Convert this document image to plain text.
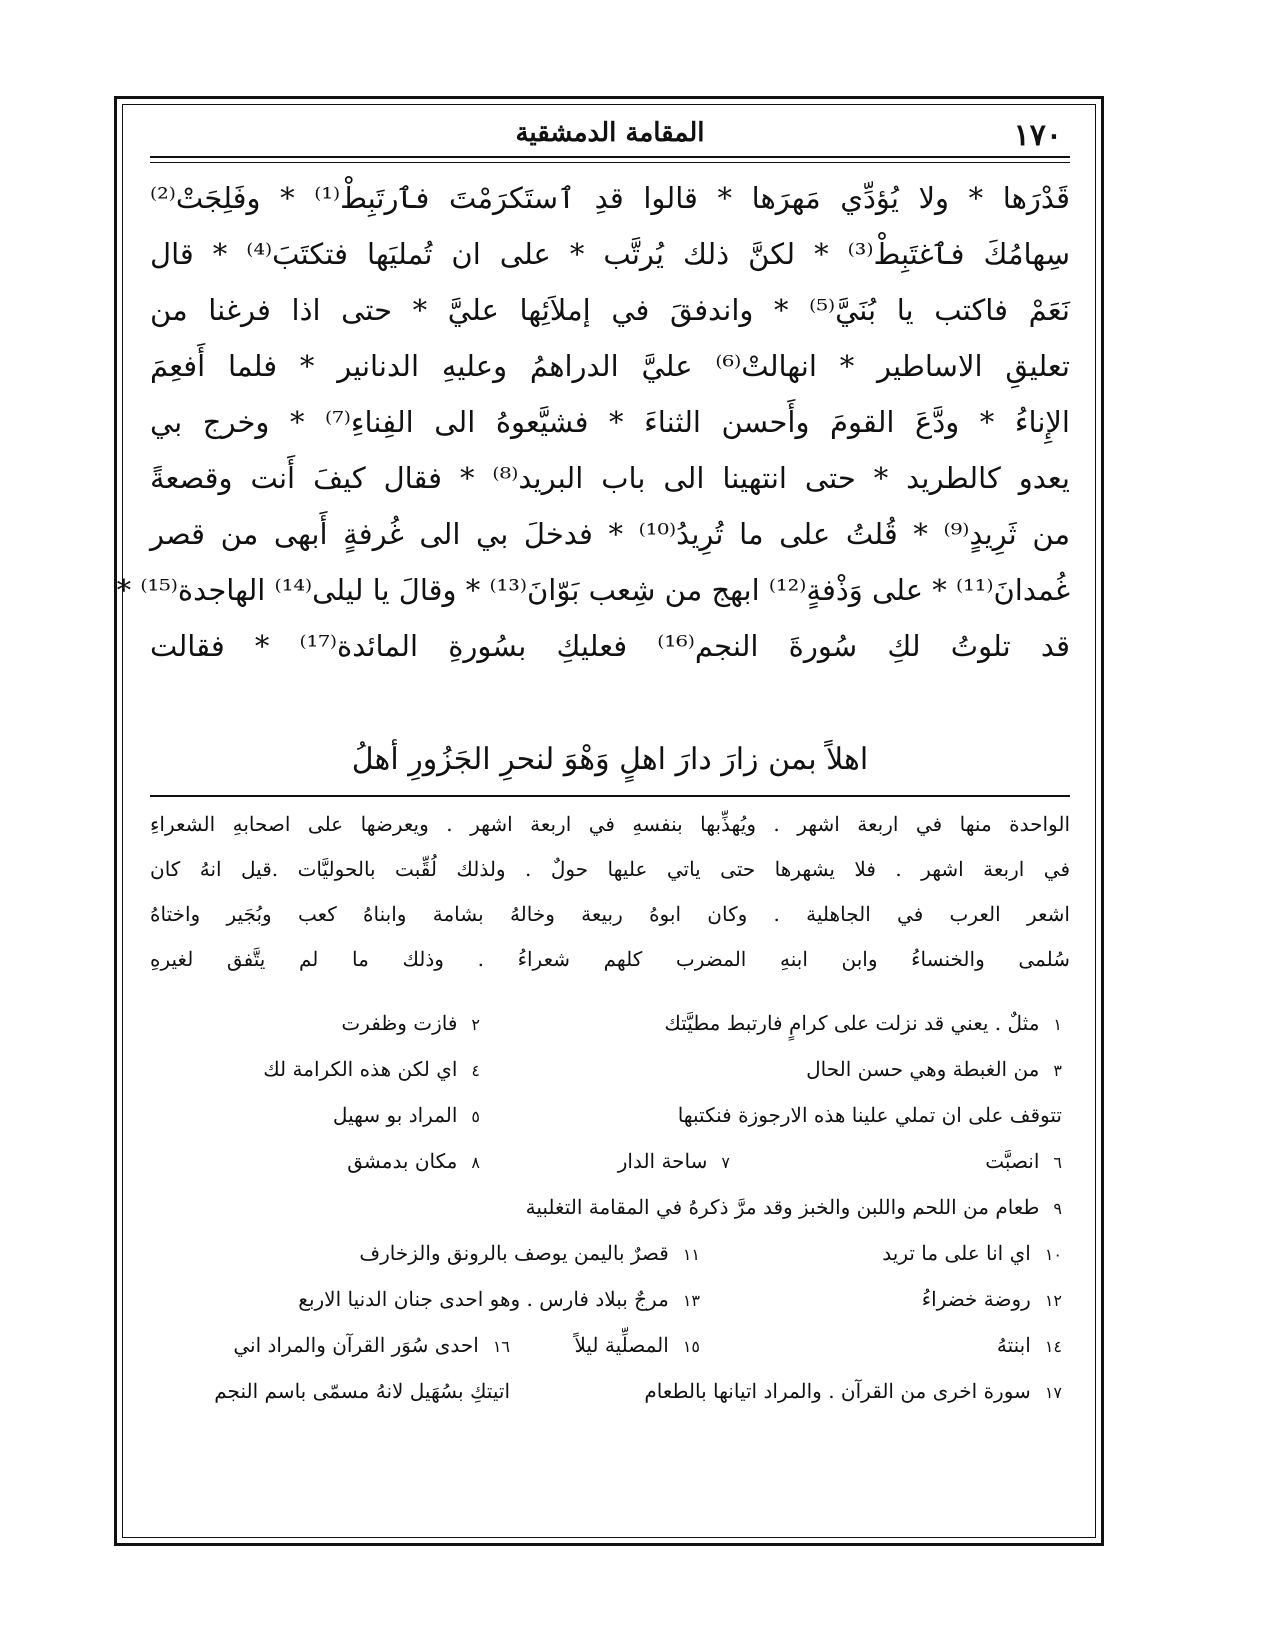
١٧٠
المقامة الدمشقية
قَدْرَها * ولا يُؤدِّي مَهرَها * قالوا قدِ ٱستَكرَمْتَ فٱرتَبِطْ⁽¹⁾ * وفَلِجَتْ⁽²⁾
سِهامُكَ فٱغتَبِطْ⁽³⁾ * لكنَّ ذلك يُرتَّب * على ان تُمليَها فتكتَبَ⁽⁴⁾ * قال
نَعَمْ فاكتب يا بُنَيَّ⁽⁵⁾ * واندفقَ في إملاَئِها عليَّ * حتى اذا فرغنا من
تعليقِ الاساطير * انهالتْ⁽⁶⁾ عليَّ الدراهمُ وعليهِ الدنانير * فلما أَفعِمَ
الإِناءُ * ودَّعَ القومَ وأَحسن الثناءَ * فشيَّعوهُ الى الفِناءِ⁽⁷⁾ * وخرج بي
يعدو كالطريد * حتى انتهينا الى باب البريد⁽⁸⁾ * فقال كيفَ أَنت وقصعةً
من ثَرِيدٍ⁽⁹⁾ * قُلتُ على ما تُرِيدُ⁽¹⁰⁾ * فدخلَ بي الى غُرفةٍ أَبهى من قصر
غُمدانَ⁽¹¹⁾ * على وَذْفةٍ⁽¹²⁾ ابهج من شِعب بَوّانَ⁽¹³⁾ * وقالَ يا ليلى⁽¹⁴⁾ الهاجدة⁽¹⁵⁾ *
قد تلوتُ لكِ سُورةَ النجم⁽¹⁶⁾ فعليكِ بسُورةِ المائدة⁽¹⁷⁾ * فقالت
اهلاً بمن زارَ دارَ اهلٍ وَهْوَ لنحرِ الجَزُورِ أهلُ
الواحدة منها في اربعة اشهر . ويُهذِّبها بنفسهِ في اربعة اشهر . ويعرضها على اصحابهِ الشعراءِ
في اربعة اشهر . فلا يشهرها حتى ياتي عليها حولٌ . ولذلك لُقِّبت بالحوليَّات .قيل انهُ كان
اشعر العرب في الجاهلية . وكان ابوهُ ربيعة وخالهُ بشامة وابناهُ كعب وبُجَير واختاهُ
سُلمى والخنساءُ وابن ابنهِ المضرب كلهم شعراءُ . وذلك ما لم يتَّفق لغيرهِ
١مثلٌ . يعني قد نزلت على كرامٍ فارتبط مطيَّتك
٢فازت وظفرت
٣من الغبطة وهي حسن الحال
٤اي لكن هذه الكرامة لك
تتوقف على ان تملي علينا هذه الارجوزة فنكتبها
٥المراد بو سهيل
٦انصبَّت
٧ساحة الدار
٨مكان بدمشق
٩طعام من اللحم واللبن والخبز وقد مرَّ ذكرهُ في المقامة التغلبية
١٠اي انا على ما تريد
١١قصرٌ باليمن يوصف بالرونق والزخارف
١٢روضة خضراءُ
١٣مرجٌ ببلاد فارس . وهو احدى جنان الدنيا الاربع
١٤ابنتهُ
١٥المصلِّية ليلاً
١٦احدى سُوَر القرآن والمراد اني
١٧سورة اخرى من القرآن . والمراد اتيانها بالطعام
اتيتكِ بسُهَيل لانهُ مسمّى باسم النجم
